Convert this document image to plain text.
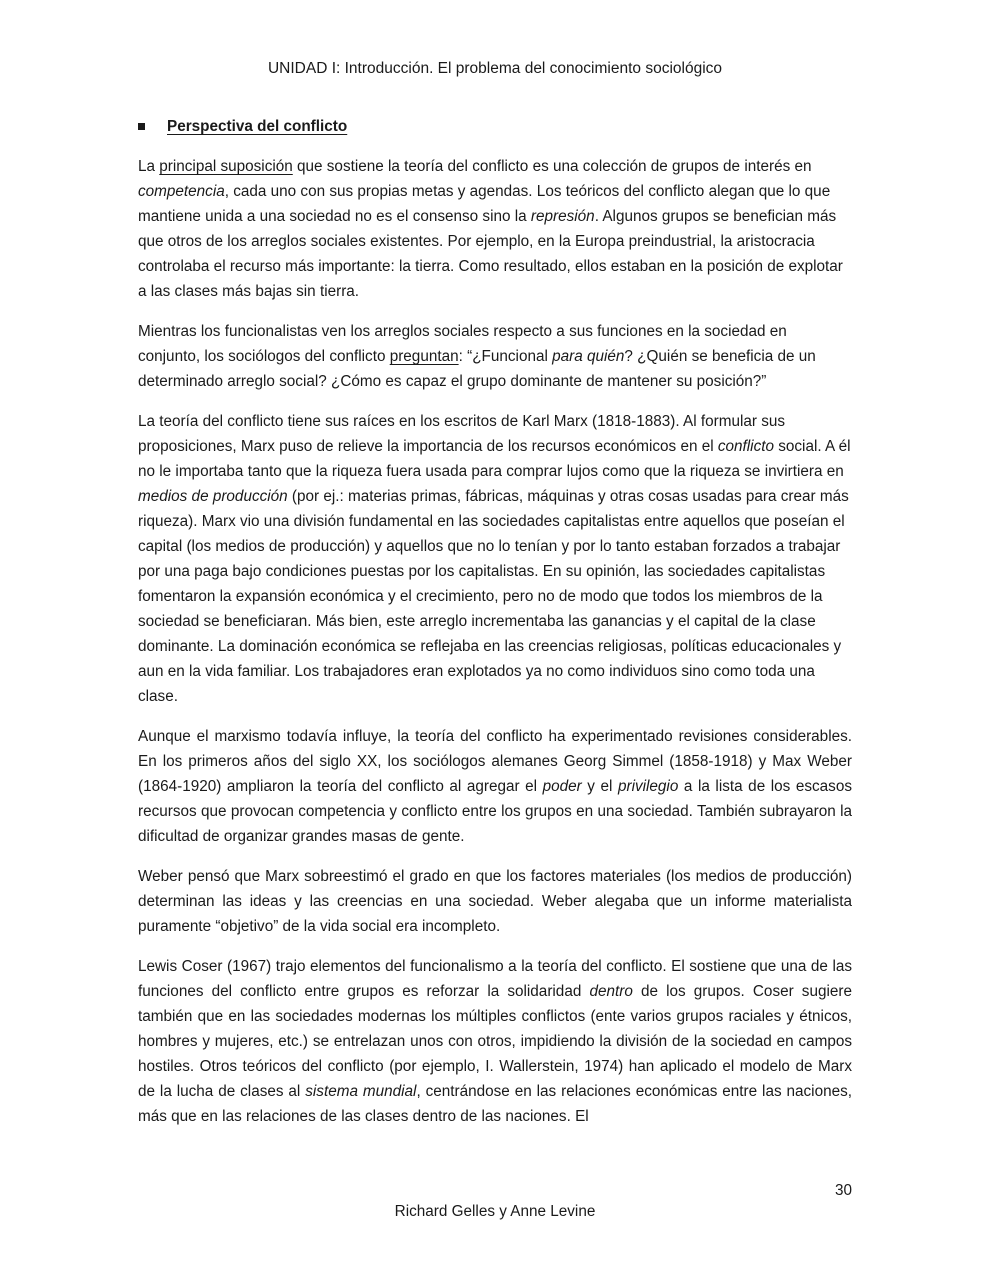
UNIDAD I: Introducción. El problema del conocimiento sociológico
Perspectiva del conflicto

La principal suposición que sostiene la teoría del conflicto es una colección de grupos de interés en competencia, cada uno con sus propias metas y agendas. Los teóricos del conflicto alegan que lo que mantiene unida a una sociedad no es el consenso sino la represión. Algunos grupos se benefician más que otros de los arreglos sociales existentes. Por ejemplo, en la Europa preindustrial, la aristocracia controlaba el recurso más importante: la tierra. Como resultado, ellos estaban en la posición de explotar a las clases más bajas sin tierra.

Mientras los funcionalistas ven los arreglos sociales respecto a sus funciones en la sociedad en conjunto, los sociólogos del conflicto preguntan: “¿Funcional para quién? ¿Quién se beneficia de un determinado arreglo social? ¿Cómo es capaz el grupo dominante de mantener su posición?”

La teoría del conflicto tiene sus raíces en los escritos de Karl Marx (1818-1883). Al formular sus proposiciones, Marx puso de relieve la importancia de los recursos económicos en el conflicto social. A él no le importaba tanto que la riqueza fuera usada para comprar lujos como que la riqueza se invirtiera en medios de producción (por ej.: materias primas, fábricas, máquinas y otras cosas usadas para crear más riqueza). Marx vio una división fundamental en las sociedades capitalistas entre aquellos que poseían el capital (los medios de producción) y aquellos que no lo tenían y por lo tanto estaban forzados a trabajar por una paga bajo condiciones puestas por los capitalistas. En su opinión, las sociedades capitalistas fomentaron la expansión económica y el crecimiento, pero no de modo que todos los miembros de la sociedad se beneficiaran. Más bien, este arreglo incrementaba las ganancias y el capital de la clase dominante. La dominación económica se reflejaba en las creencias religiosas, políticas educacionales y aun en la vida familiar. Los trabajadores eran explotados ya no como individuos sino como toda una clase.

Aunque el marxismo todavía influye, la teoría del conflicto ha experimentado revisiones considerables. En los primeros años del siglo XX, los sociólogos alemanes Georg Simmel (1858-1918) y Max Weber (1864-1920) ampliaron la teoría del conflicto al agregar el poder y el privilegio a la lista de los escasos recursos que provocan competencia y conflicto entre los grupos en una sociedad. También subrayaron la dificultad de organizar grandes masas de gente.

Weber pensó que Marx sobreestimó el grado en que los factores materiales (los medios de producción) determinan las ideas y las creencias en una sociedad. Weber alegaba que un informe materialista puramente “objetivo” de la vida social era incompleto.

Lewis Coser (1967) trajo elementos del funcionalismo a la teoría del conflicto. El sostiene que una de las funciones del conflicto entre grupos es reforzar la solidaridad dentro de los grupos. Coser sugiere también que en las sociedades modernas los múltiples conflictos (ente varios grupos raciales y étnicos, hombres y mujeres, etc.) se entrelazan unos con otros, impidiendo la división de la sociedad en campos hostiles. Otros teóricos del conflicto (por ejemplo, I. Wallerstein, 1974) han aplicado el modelo de Marx de la lucha de clases al sistema mundial, centrándose en las relaciones económicas entre las naciones, más que en las relaciones de las clases dentro de las naciones. El

30
Richard Gelles y Anne Levine
